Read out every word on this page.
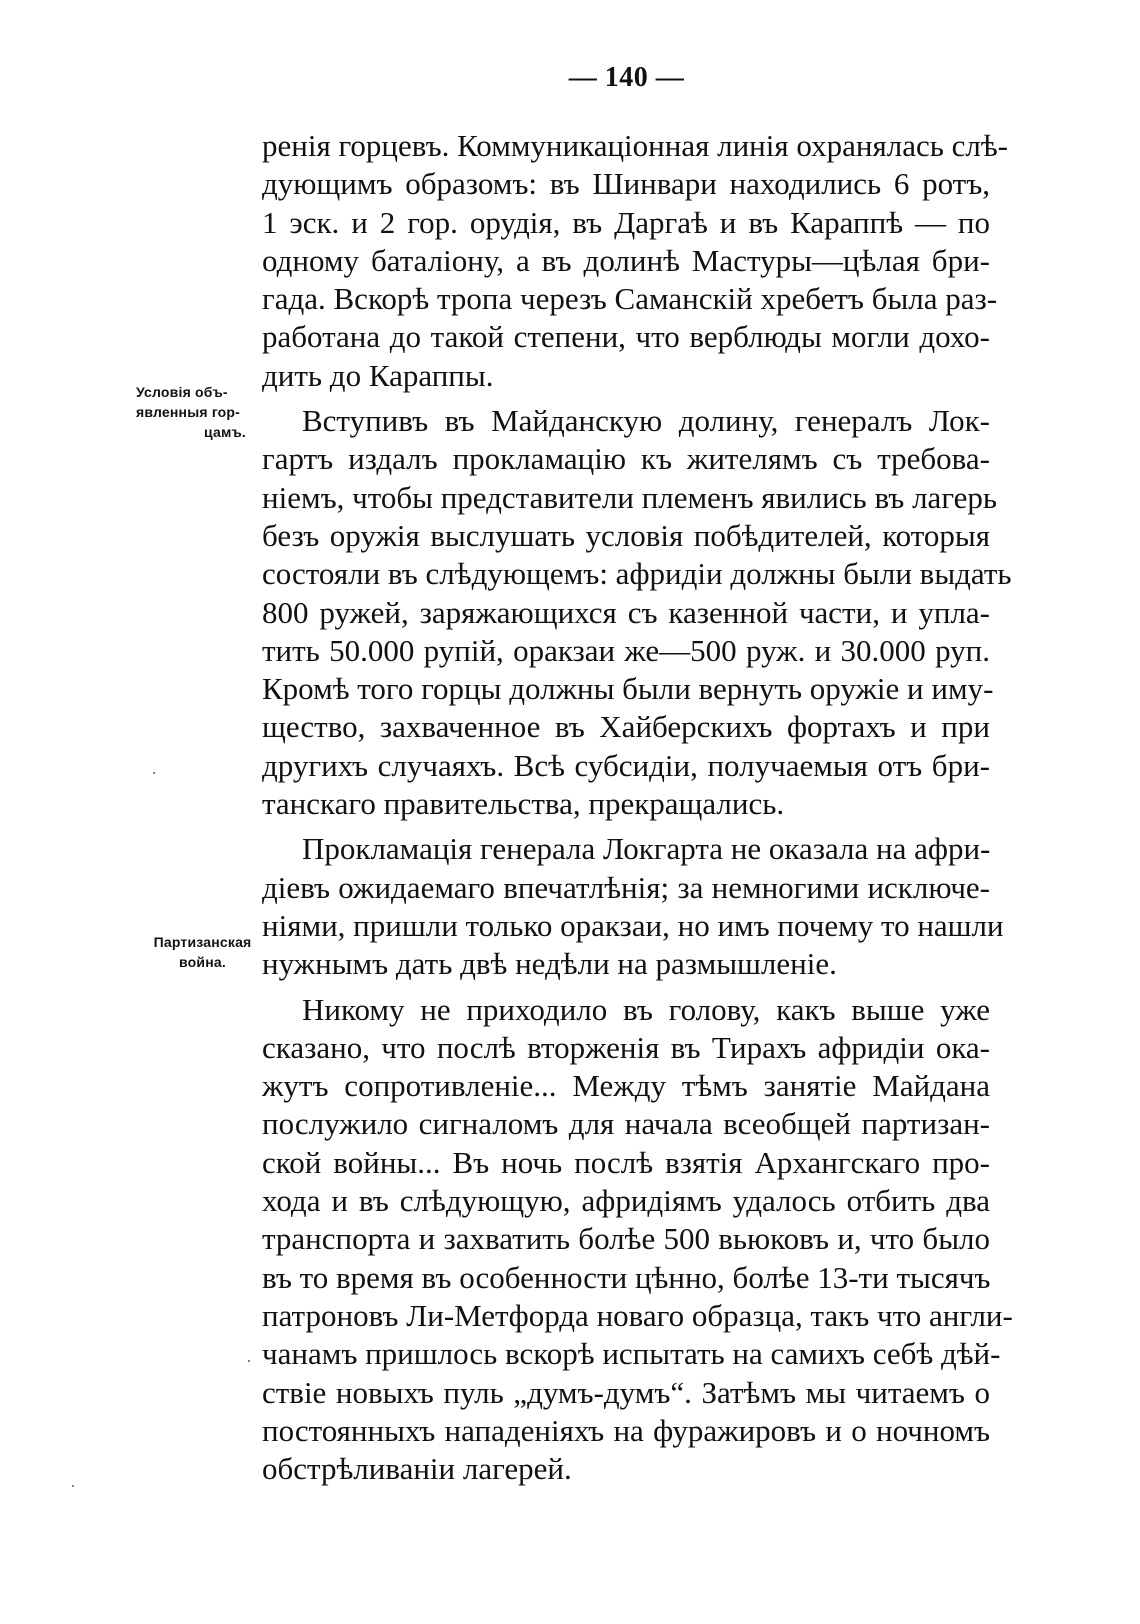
— 140 —
Условія объ-
явленныя гор-
цамъ.
Партизанская
война.

ренія горцевъ. Коммуникаціонная линія охранялась слѣ-
дующимъ образомъ: въ Шинвари находились 6 ротъ,
1 эск. и 2 гор. орудія, въ Даргаѣ и въ Караппѣ — по
одному баталіону, а въ долинѣ Мастуры—цѣлая бри-
гада. Вскорѣ тропа черезъ Саманскій хребетъ была раз-
работана до такой степени, что верблюды могли дохо-
дить до Караппы.

Вступивъ въ Майданскую долину, генералъ Лок-
гартъ издалъ прокламацію къ жителямъ съ требова-
ніемъ, чтобы представители племенъ явились въ лагерь
безъ оружія выслушать условія побѣдителей, которыя
состояли въ слѣдующемъ: афридіи должны были выдать
800 ружей, заряжающихся съ казенной части, и упла-
тить 50.000 рупій, оракзаи же—500 руж. и 30.000 руп.
Кромѣ того горцы должны были вернуть оружіе и иму-
щество, захваченное въ Хайберскихъ фортахъ и при
другихъ случаяхъ. Всѣ субсидіи, получаемыя отъ бри-
танскаго правительства, прекращались.

Прокламація генерала Локгарта не оказала на афри-
діевъ ожидаемаго впечатлѣнія; за немногими исключе-
ніями, пришли только оракзаи, но имъ почему то нашли
нужнымъ дать двѣ недѣли на размышленіе.

Никому не приходило въ голову, какъ выше уже
сказано, что послѣ вторженія въ Тирахъ афридіи ока-
жутъ сопротивленіе... Между тѣмъ занятіе Майдана
послужило сигналомъ для начала всеобщей партизан-
ской войны... Въ ночь послѣ взятія Архангскаго про-
хода и въ слѣдующую, афридіямъ удалось отбить два
транспорта и захватить болѣе 500 вьюковъ и, что было
въ то время въ особенности цѣнно, болѣе 13-ти тысячъ
патроновъ Ли-Метфорда новаго образца, такъ что англи-
чанамъ пришлось вскорѣ испытать на самихъ себѣ дѣй-
ствіе новыхъ пуль „думъ-думъ“. Затѣмъ мы читаемъ о
постоянныхъ нападеніяхъ на фуражировъ и о ночномъ
обстрѣливаніи лагерей.
